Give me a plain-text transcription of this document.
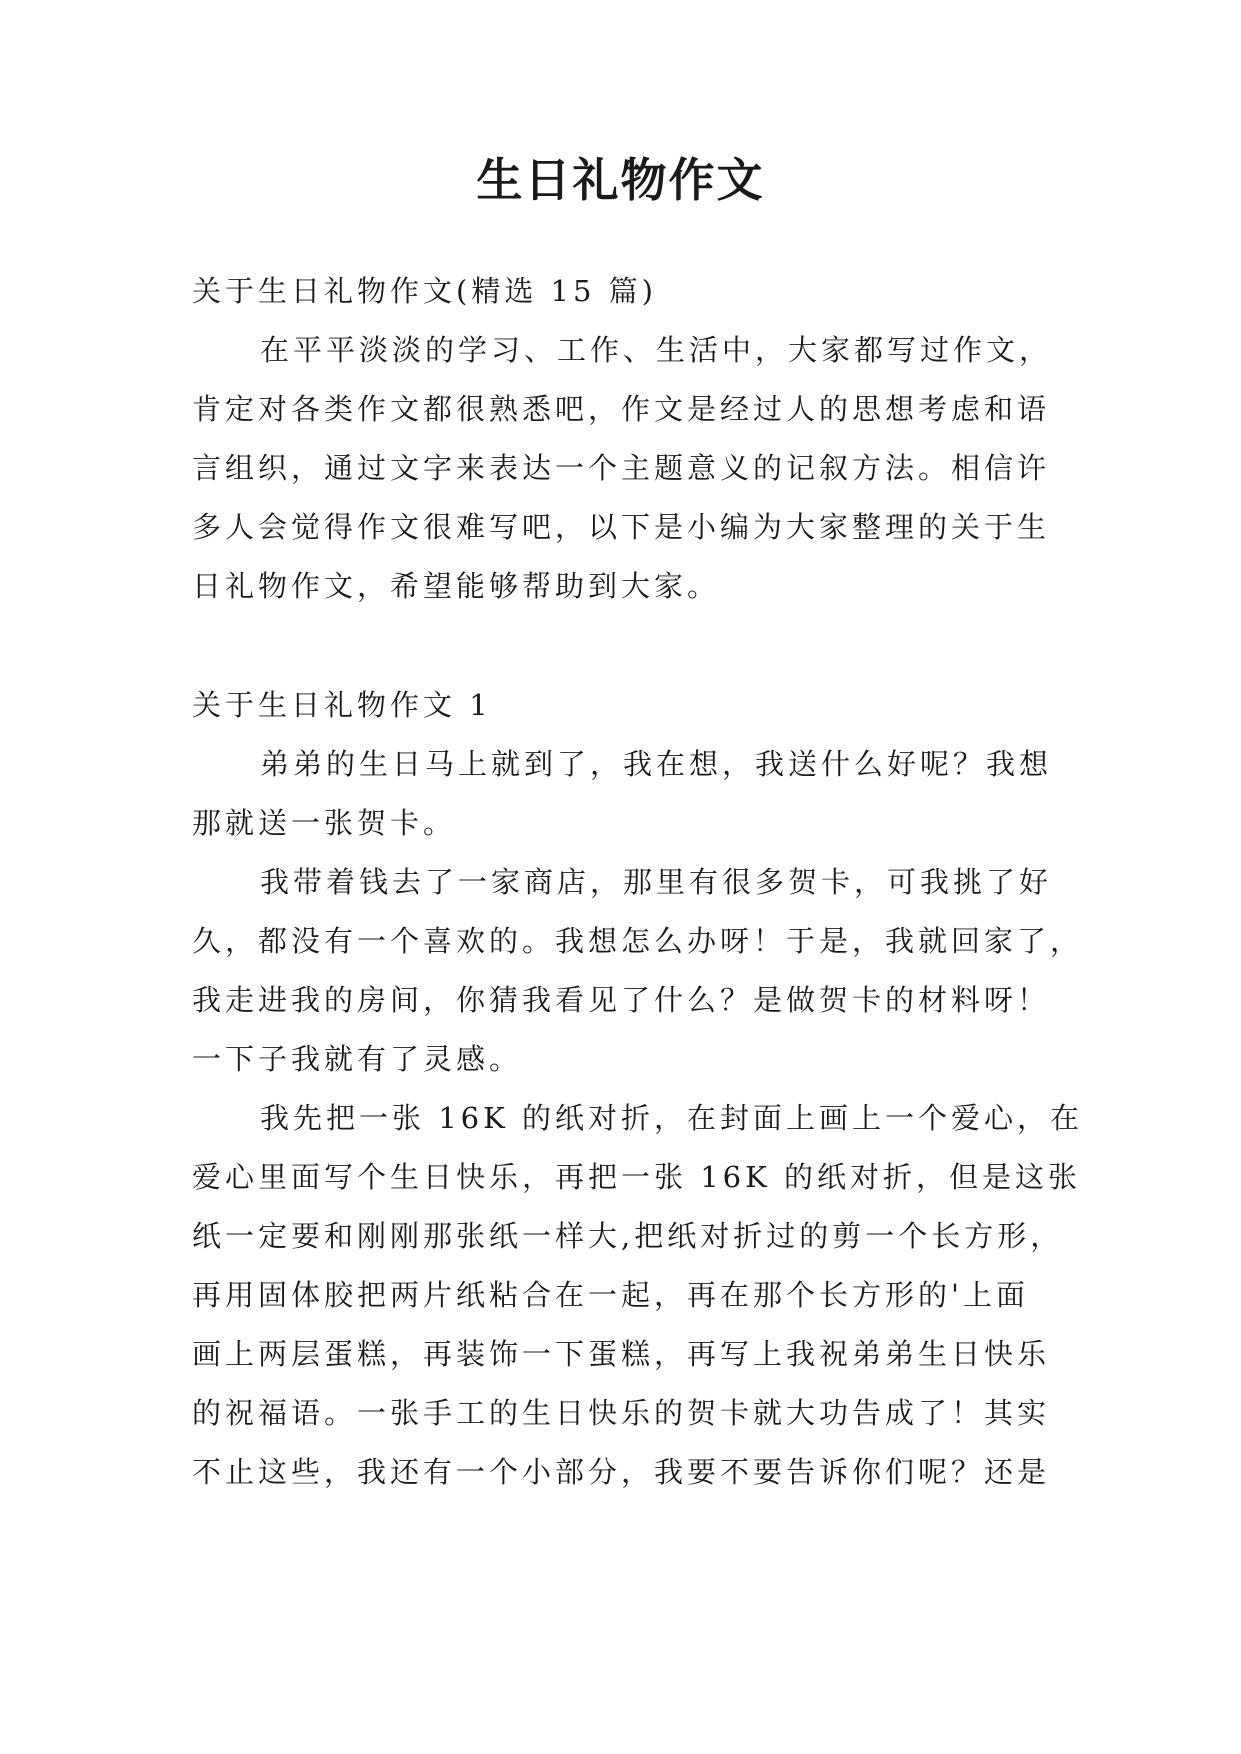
生日礼物作文
关于生日礼物作文(精选 15 篇)
在平平淡淡的学习、工作、生活中，大家都写过作文，
肯定对各类作文都很熟悉吧，作文是经过人的思想考虑和语
言组织，通过文字来表达一个主题意义的记叙方法。相信许
多人会觉得作文很难写吧，以下是小编为大家整理的关于生
日礼物作文，希望能够帮助到大家。
关于生日礼物作文 1
弟弟的生日马上就到了，我在想，我送什么好呢？我想
那就送一张贺卡。
我带着钱去了一家商店，那里有很多贺卡，可我挑了好
久，都没有一个喜欢的。我想怎么办呀！于是，我就回家了，
我走进我的房间，你猜我看见了什么？是做贺卡的材料呀！
一下子我就有了灵感。
我先把一张 16K 的纸对折，在封面上画上一个爱心，在
爱心里面写个生日快乐，再把一张 16K 的纸对折，但是这张
纸一定要和刚刚那张纸一样大,把纸对折过的剪一个长方形，
再用固体胶把两片纸粘合在一起，再在那个长方形的'上面
画上两层蛋糕，再装饰一下蛋糕，再写上我祝弟弟生日快乐
的祝福语。一张手工的生日快乐的贺卡就大功告成了！其实
不止这些，我还有一个小部分，我要不要告诉你们呢？还是
